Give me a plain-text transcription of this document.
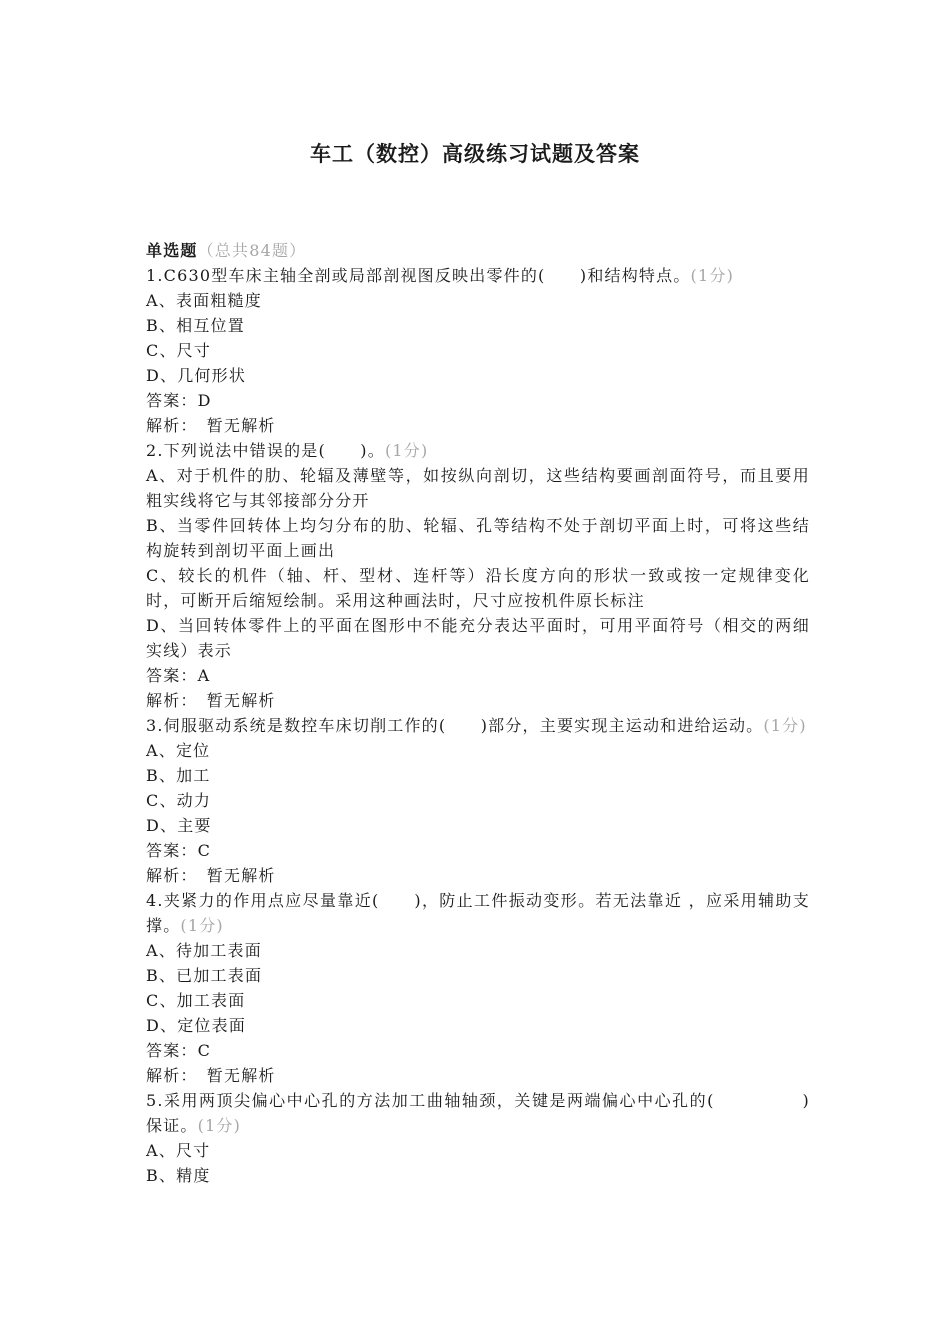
车工（数控）高级练习试题及答案

单选题（总共84题）

1.C630型车床主轴全剖或局部剖视图反映出零件的(　　)和结构特点。(1分)

A、表面粗糙度

B、相互位置

C、尺寸

D、几何形状

答案：D

解析：　暂无解析

2.下列说法中错误的是(　　)。(1分)

A、对于机件的肋、轮辐及薄壁等，如按纵向剖切，这些结构要画剖面符号，而且要用粗实线将它与其邻接部分分开

B、当零件回转体上均匀分布的肋、轮辐、孔等结构不处于剖切平面上时，可将这些结构旋转到剖切平面上画出

C、较长的机件（轴、杆、型材、连杆等）沿长度方向的形状一致或按一定规律变化时，可断开后缩短绘制。采用这种画法时，尺寸应按机件原长标注

D、当回转体零件上的平面在图形中不能充分表达平面时，可用平面符号（相交的两细实线）表示

答案：A

解析：　暂无解析

3.伺服驱动系统是数控车床切削工作的(　　)部分，主要实现主运动和进给运动。(1分)

A、定位

B、加工

C、动力

D、主要

答案：C

解析：　暂无解析

4.夹紧力的作用点应尽量靠近(　　)，防止工件振动变形。若无法靠近 ，应采用辅助支撑。(1分)

A、待加工表面

B、已加工表面

C、加工表面

D、定位表面

答案：C

解析：　暂无解析

5.采用两顶尖偏心中心孔的方法加工曲轴轴颈，关键是两端偏心中心孔的(　　　　　)保证。(1分)

A、尺寸

B、精度
